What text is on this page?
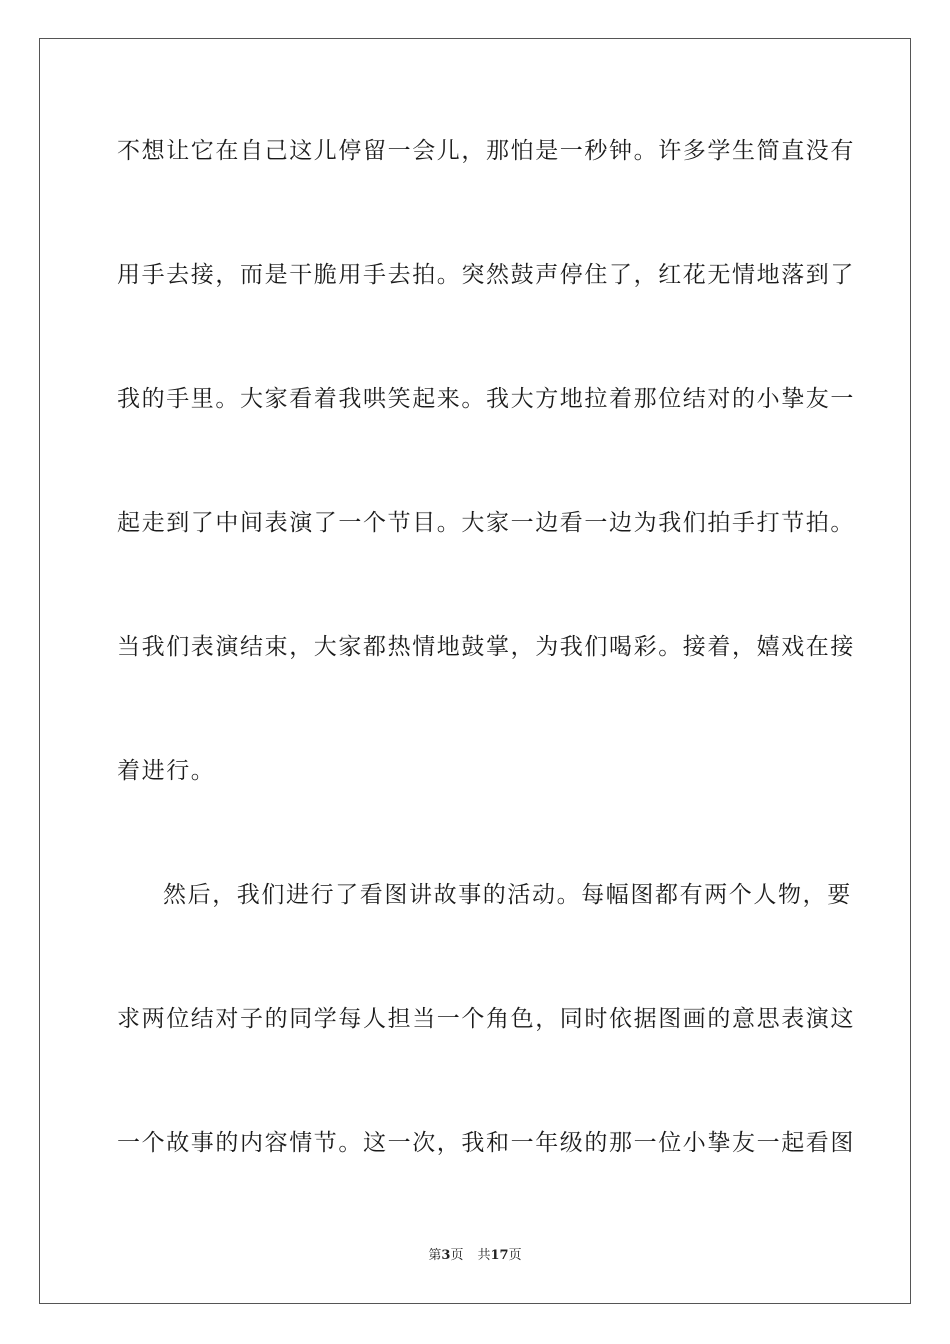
不想让它在自己这儿停留一会儿，那怕是一秒钟。许多学生简直没有
用手去接，而是干脆用手去拍。突然鼓声停住了，红花无情地落到了
我的手里。大家看着我哄笑起来。我大方地拉着那位结对的小挚友一
起走到了中间表演了一个节目。大家一边看一边为我们拍手打节拍。
当我们表演结束，大家都热情地鼓掌，为我们喝彩。接着，嬉戏在接
着进行。
然后，我们进行了看图讲故事的活动。每幅图都有两个人物，要
求两位结对子的同学每人担当一个角色，同时依据图画的意思表演这
一个故事的内容情节。这一次，我和一年级的那一位小挚友一起看图
第3页 共17页
